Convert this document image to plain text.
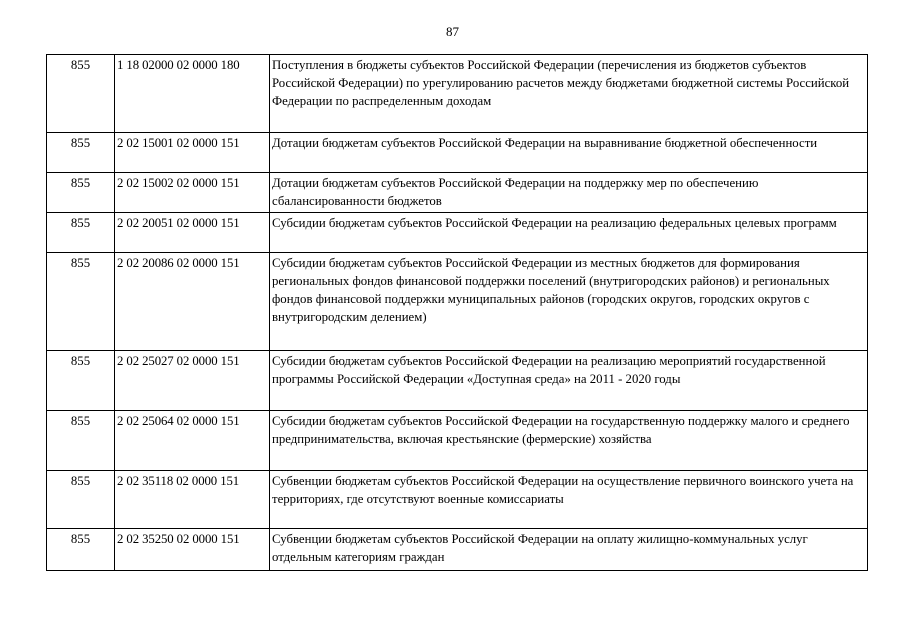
87
855	1 18 02000 02 0000 180	Поступления в бюджеты субъектов Российской Федерации (перечисления из бюджетов субъектов Российской Федерации) по урегулированию расчетов между бюджетами бюджетной системы Российской Федерации по распределенным доходам
855	2 02 15001 02 0000 151	Дотации бюджетам субъектов Российской Федерации на выравнивание бюджетной обеспеченности
855	2 02 15002 02 0000 151	Дотации бюджетам субъектов Российской Федерации на поддержку мер по обеспечению сбалансированности бюджетов
855	2 02 20051 02 0000 151	Субсидии бюджетам субъектов Российской Федерации на реализацию федеральных целевых программ
855	2 02 20086 02 0000 151	Субсидии бюджетам субъектов Российской Федерации из местных бюджетов для формирования региональных фондов финансовой поддержки поселений (внутригородских районов) и региональных фондов финансовой поддержки муниципальных районов (городских округов, городских округов с внутригородским делением)
855	2 02 25027 02 0000 151	Субсидии бюджетам субъектов Российской Федерации на реализацию мероприятий государственной программы Российской Федерации «Доступная среда» на 2011 - 2020 годы
855	2 02 25064 02 0000 151	Субсидии бюджетам субъектов Российской Федерации на государственную поддержку малого и среднего предпринимательства, включая крестьянские (фермерские) хозяйства
855	2 02 35118 02 0000 151	Субвенции бюджетам субъектов Российской Федерации на осуществление первичного воинского учета на территориях, где отсутствуют военные комиссариаты
855	2 02 35250 02 0000 151	Субвенции бюджетам субъектов Российской Федерации на оплату жилищно-коммунальных услуг отдельным категориям граждан
